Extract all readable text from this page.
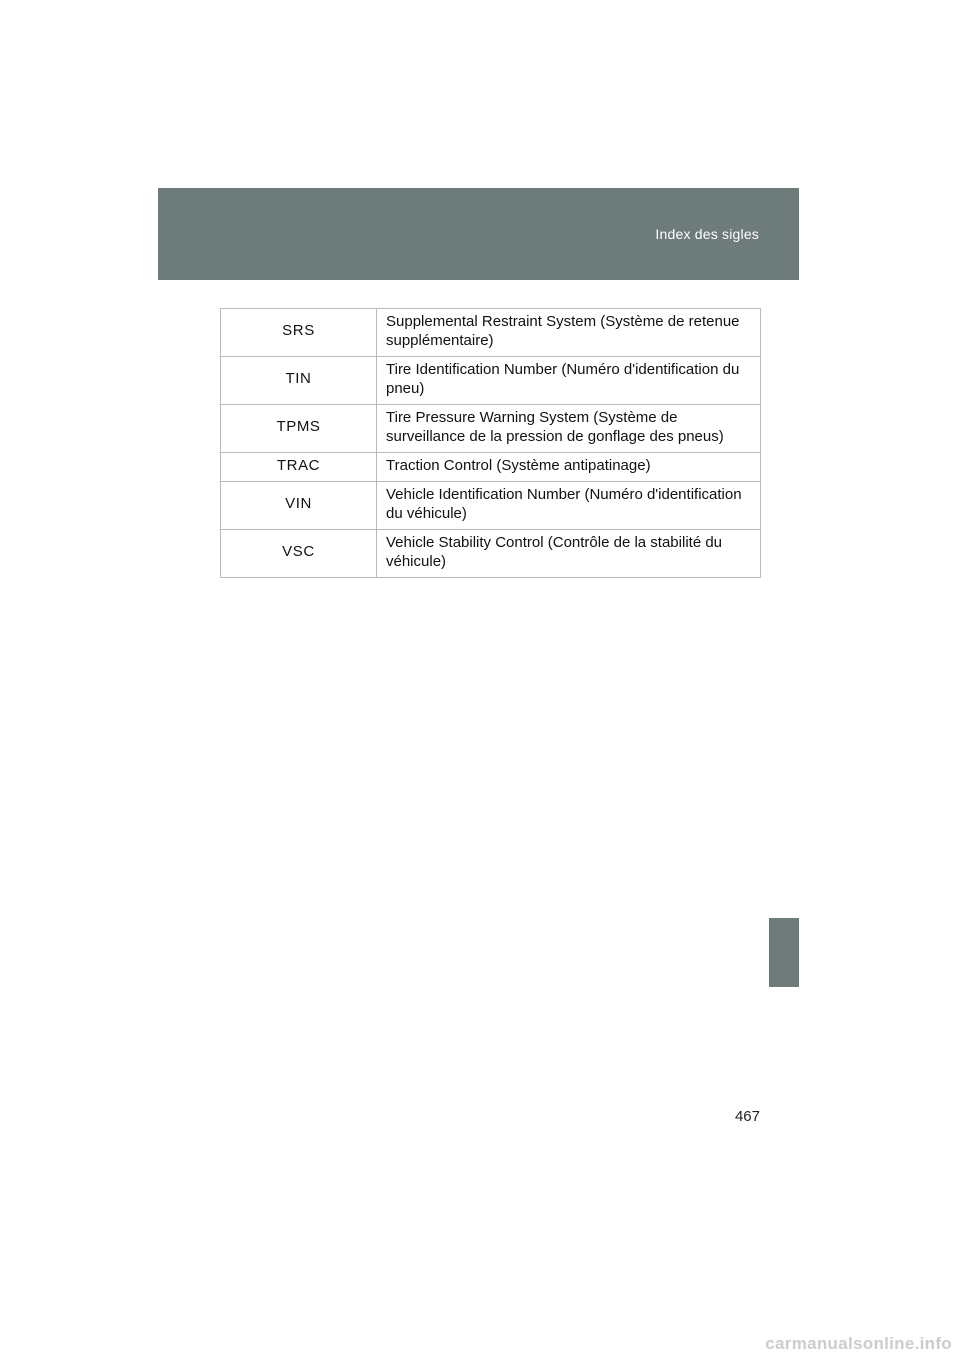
Index des sigles
SRS	Supplemental Restraint System (Système de retenue supplémentaire)
TIN	Tire Identification Number (Numéro d'identification du pneu)
TPMS	Tire Pressure Warning System (Système de surveillance de la pression de gonflage des pneus)
TRAC	Traction Control (Système antipatinage)
VIN	Vehicle Identification Number (Numéro d'identification du véhicule)
VSC	Vehicle Stability Control (Contrôle de la stabilité du véhicule)
467
carmanualsonline.info
